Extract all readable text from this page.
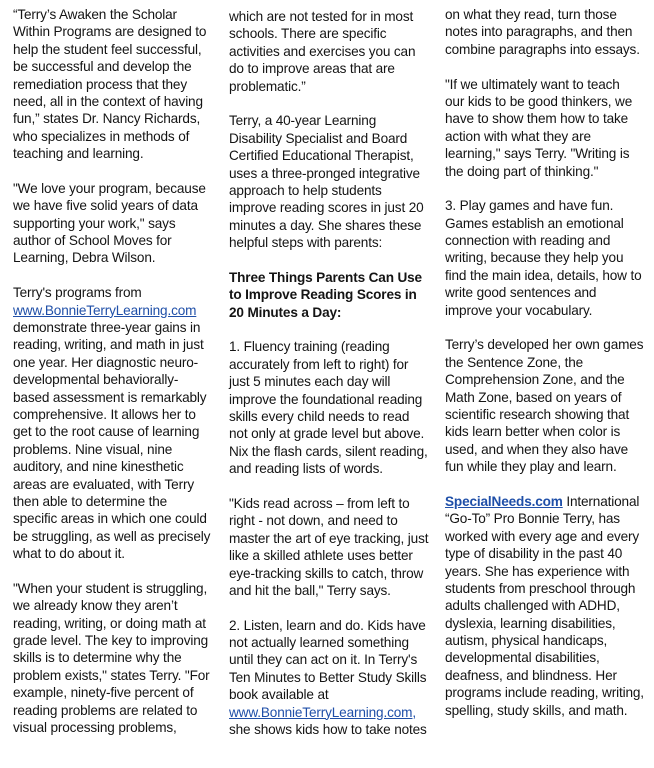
“Terry’s Awaken the Scholar
Within Programs are designed to
help the student feel successful,
be successful and develop the
remediation process that they
need, all in the context of having
fun,” states Dr. Nancy Richards,
who specializes in methods of
teaching and learning.
"We love your program, because
we have five solid years of data
supporting your work," says
author of School Moves for
Learning, Debra Wilson.
Terry's programs from
www.BonnieTerryLearning.com
demonstrate three-year gains in
reading, writing, and math in just
one year. Her diagnostic neuro-
developmental behaviorally-
based assessment is remarkably
comprehensive. It allows her to
get to the root cause of learning
problems. Nine visual, nine
auditory, and nine kinesthetic
areas are evaluated, with Terry
then able to determine the
specific areas in which one could
be struggling, as well as precisely
what to do about it.
"When your student is struggling,
we already know they aren’t
reading, writing, or doing math at
grade level. The key to improving
skills is to determine why the
problem exists," states Terry. "For
example, ninety-five percent of
reading problems are related to
visual processing problems,
which are not tested for in most
schools. There are specific
activities and exercises you can
do to improve areas that are
problematic.”
Terry, a 40-year Learning
Disability Specialist and Board
Certified Educational Therapist,
uses a three-pronged integrative
approach to help students
improve reading scores in just 20
minutes a day. She shares these
helpful steps with parents:
Three Things Parents Can Use
to Improve Reading Scores in
20 Minutes a Day:
1. Fluency training (reading
accurately from left to right) for
just 5 minutes each day will
improve the foundational reading
skills every child needs to read
not only at grade level but above.
Nix the flash cards, silent reading,
and reading lists of words.
"Kids read across – from left to
right - not down, and need to
master the art of eye tracking, just
like a skilled athlete uses better
eye-tracking skills to catch, throw
and hit the ball," Terry says.
2. Listen, learn and do. Kids have
not actually learned something
until they can act on it. In Terry's
Ten Minutes to Better Study Skills
book available at
www.BonnieTerryLearning.com,
she shows kids how to take notes
on what they read, turn those
notes into paragraphs, and then
combine paragraphs into essays.
"If we ultimately want to teach
our kids to be good thinkers, we
have to show them how to take
action with what they are
learning," says Terry. "Writing is
the doing part of thinking."
3. Play games and have fun.
Games establish an emotional
connection with reading and
writing, because they help you
find the main idea, details, how to
write good sentences and
improve your vocabulary.
Terry’s developed her own games
the Sentence Zone, the
Comprehension Zone, and the
Math Zone, based on years of
scientific research showing that
kids learn better when color is
used, and when they also have
fun while they play and learn.
SpecialNeeds.com International
“Go-To” Pro Bonnie Terry, has
worked with every age and every
type of disability in the past 40
years. She has experience with
students from preschool through
adults challenged with ADHD,
dyslexia, learning disabilities,
autism, physical handicaps,
developmental disabilities,
deafness, and blindness. Her
programs include reading, writing,
spelling, study skills, and math.
